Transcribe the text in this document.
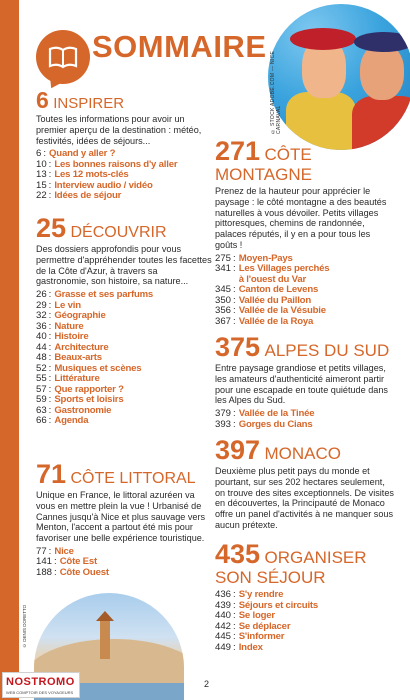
SOMMAIRE
© STOCK ADOBE.COM — NICE CARNAVAL
6 INSPIRER
Toutes les informations pour avoir un premier aperçu de la destination : météo, festivités, idées de séjours...
6 : Quand y aller ?
10 : Les bonnes raisons d'y aller
13 : Les 12 mots-clés
15 : Interview audio / vidéo
22 : Idées de séjour
25 DÉCOUVRIR
Des dossiers approfondis pour vous permettre d'appréhender toutes les facettes de la Côte d'Azur, à travers sa gastronomie, son histoire, sa nature...
26 : Grasse et ses parfums
29 : Le vin
32 : Géographie
36 : Nature
40 : Histoire
44 : Architecture
48 : Beaux-arts
52 : Musiques et scènes
55 : Littérature
57 : Que rapporter ?
59 : Sports et loisirs
63 : Gastronomie
66 : Agenda
71 CÔTE LITTORAL
Unique en France, le littoral azuréen va vous en mettre plein la vue ! Urbanisé de Cannes jusqu'à Nice et plus sauvage vers Menton, l'accent a partout été mis pour favoriser une belle expérience touristique.
77 : Nice
141 : Côte Est
188 : Côte Ouest
271 CÔTE
MONTAGNE
Prenez de la hauteur pour apprécier le paysage : le côté montagne a des beautés naturelles à vous dévoiler. Petits villages pittoresques, chemins de randonnée, palaces réputés, il y en a pour tous les goûts !
275 : Moyen-Pays
341 : Les Villages perchés
à l'ouest du Var
345 : Canton de Levens
350 : Vallée du Paillon
356 : Vallée de la Vésubie
367 : Vallée de la Roya
375 ALPES DU SUD
Entre paysage grandiose et petits villages, les amateurs d'authenticité aimeront partir pour une escapade en toute quiétude dans les Alpes du Sud.
379 : Vallée de la Tinée
393 : Gorges du Cians
397 MONACO
Deuxième plus petit pays du monde et pourtant, sur ses 202 hectares seulement, on trouve des sites exceptionnels. De visites en découvertes, la Principauté de Monaco offre un panel d'activités à ne manquer sous aucun prétexte.
435 ORGANISER
SON SÉJOUR
436 : S'y rendre
439 : Séjours et circuits
440 : Se loger
442 : Se déplacer
445 : S'informer
449 : Index
© DENIS DORETTO
NOSTROMO
WEB COMPTOIR DES VOYAGEURS
2
